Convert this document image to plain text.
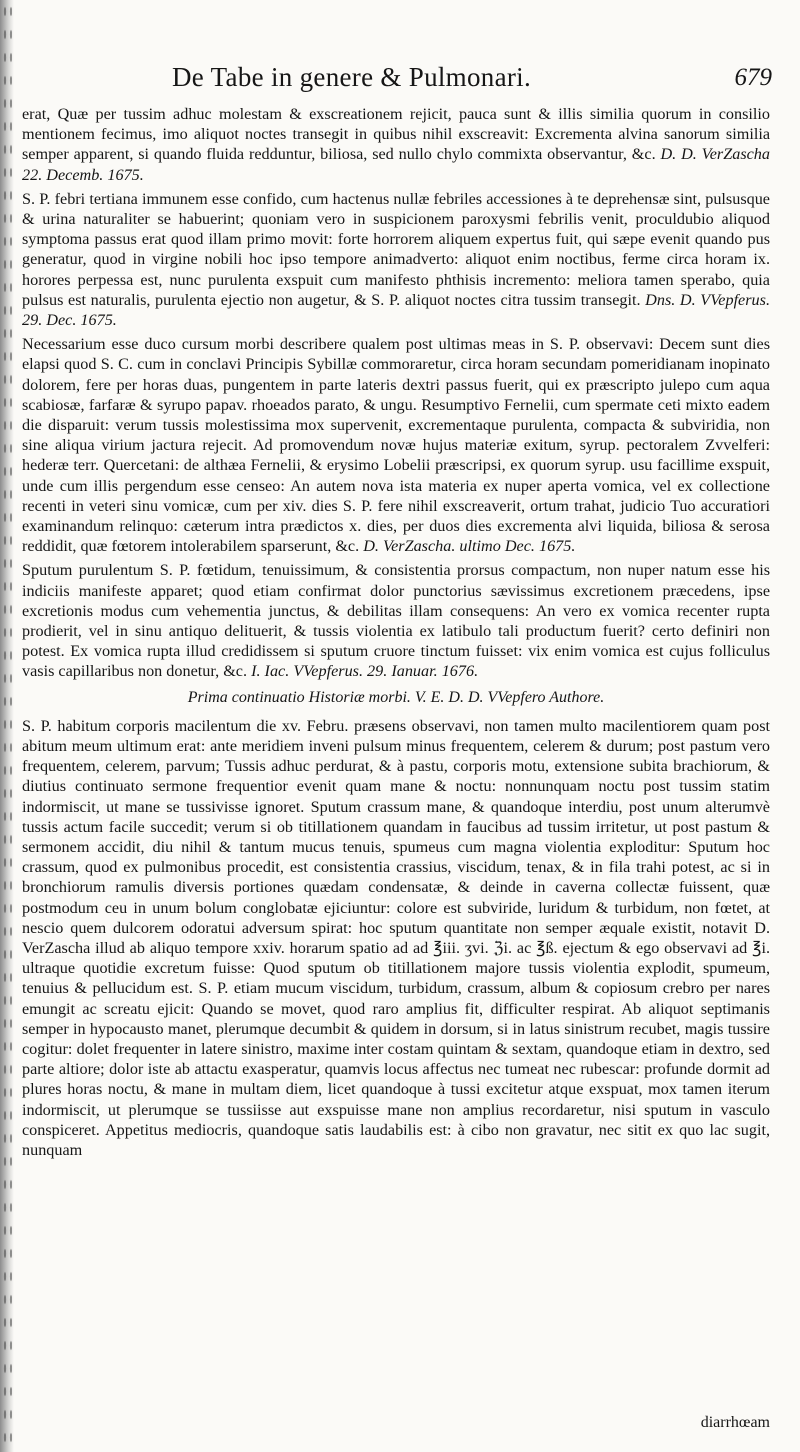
De Tabe in genere & Pulmonari.	679

erat, Quæ per tussim adhuc molestam & exscreationem rejicit, pauca sunt & illis similia quorum in consilio mentionem fecimus, imo aliquot noctes transegit in quibus nihil exscreavit: Excrementa alvina sanorum similia semper apparent, si quando fluida redduntur, biliosa, sed nullo chylo commixta observantur, &c. D. D. VerZascha 22. Decemb. 1675.

S. P. febri tertiana immunem esse confido, cum hactenus nullæ febriles accessiones à te deprehensæ sint, pulsusque & urina naturaliter se habuerint; quoniam vero in suspicionem paroxysmi febrilis venit, proculdubio aliquod symptoma passus erat quod illam primo movit: forte horrorem aliquem expertus fuit, qui sæpe evenit quando pus generatur, quod in virgine nobili hoc ipso tempore animadverto: aliquot enim noctibus, ferme circa horam ix. horores perpessa est, nunc purulenta exspuit cum manifesto phthisis incremento: meliora tamen sperabo, quia pulsus est naturalis, purulenta ejectio non augetur, & S. P. aliquot noctes citra tussim transegit. Dns. D. VVepferus. 29. Dec. 1675.

Necessarium esse duco cursum morbi describere qualem post ultimas meas in S. P. observavi: Decem sunt dies elapsi quod S. C. cum in conclavi Principis Sybillæ commoraretur, circa horam secundam pomeridianam inopinato dolorem, fere per horas duas, pungentem in parte lateris dextri passus fuerit, qui ex præscripto julepo cum aqua scabiosæ, farfaræ & syrupo papav. rhoeados parato, & ungu. Resumptivo Fernelii, cum spermate ceti mixto eadem die disparuit: verum tussis molestissima mox supervenit, excrementaque purulenta, compacta & subviridia, non sine aliqua virium jactura rejecit. Ad promovendum novæ hujus materiæ exitum, syrup. pectoralem Zvvelferi: hederæ terr. Quercetani: de althæa Fernelii, & erysimo Lobelii præscripsi, ex quorum syrup. usu facillime exspuit, unde cum illis pergendum esse censeo: An autem nova ista materia ex nuper aperta vomica, vel ex collectione recenti in veteri sinu vomicæ, cum per xiv. dies S. P. fere nihil exscreaverit, ortum trahat, judicio Tuo accuratiori examinandum relinquo: cæterum intra prædictos x. dies, per duos dies excrementa alvi liquida, biliosa & serosa reddidit, quæ fœtorem intolerabilem sparserunt, &c. D. VerZascha. ultimo Dec. 1675.

Sputum purulentum S. P. fœtidum, tenuissimum, & consistentia prorsus compactum, non nuper natum esse his indiciis manifeste apparet; quod etiam confirmat dolor punctorius sævissimus excretionem præcedens, ipse excretionis modus cum vehementia junctus, & debilitas illam consequens: An vero ex vomica recenter rupta prodierit, vel in sinu antiquo delituerit, & tussis violentia ex latibulo tali productum fuerit? certo definiri non potest. Ex vomica rupta illud credidissem si sputum cruore tinctum fuisset: vix enim vomica est cujus folliculus vasis capillaribus non donetur, &c. I. Iac. VVepferus. 29. Ianuar. 1676.

Prima continuatio Historiæ morbi. V. E. D. D. VVepfero Authore.

S. P. habitum corporis macilentum die xv. Febru. præsens observavi, non tamen multo macilentiorem quam post abitum meum ultimum erat: ante meridiem inveni pulsum minus frequentem, celerem & durum; post pastum vero frequentem, celerem, parvum; Tussis adhuc perdurat, & à pastu, corporis motu, extensione subita brachiorum, & diutius continuato sermone frequentior evenit quam mane & noctu: nonnunquam noctu post tussim statim indormiscit, ut mane se tussivisse ignoret. Sputum crassum mane, & quandoque interdiu, post unum alterumvè tussis actum facile succedit; verum si ob titillationem quandam in faucibus ad tussim irritetur, ut post pastum & sermonem accidit, diu nihil & tantum mucus tenuis, spumeus cum magna violentia exploditur: Sputum hoc crassum, quod ex pulmonibus procedit, est consistentia crassius, viscidum, tenax, & in fila trahi potest, ac si in bronchiorum ramulis diversis portiones quædam condensatæ, & deinde in caverna collectæ fuissent, quæ postmodum ceu in unum bolum conglobatæ ejiciuntur: colore est subviride, luridum & turbidum, non fœtet, at nescio quem dulcorem odoratui adversum spirat: hoc sputum quantitate non semper æquale existit, notavit D. VerZascha illud ab aliquo tempore xxiv. horarum spatio ad ad ℥iii. ʒvi. ℨi. ac ℥ß. ejectum & ego observavi ad ℥i. ultraque quotidie excretum fuisse: Quod sputum ob titillationem majore tussis violentia explodit, spumeum, tenuius & pellucidum est. S. P. etiam mucum viscidum, turbidum, crassum, album & copiosum crebro per nares emungit ac screatu ejicit: Quando se movet, quod raro amplius fit, difficulter respirat. Ab aliquot septimanis semper in hypocausto manet, plerumque decumbit & quidem in dorsum, si in latus sinistrum recubet, magis tussire cogitur: dolet frequenter in latere sinistro, maxime inter costam quintam & sextam, quandoque etiam in dextro, sed parte altiore; dolor iste ab attactu exasperatur, quamvis locus affectus nec tumeat nec rubescar: profunde dormit ad plures horas noctu, & mane in multam diem, licet quandoque à tussi excitetur atque exspuat, mox tamen iterum indormiscit, ut plerumque se tussiisse aut exspuisse mane non amplius recordaretur, nisi sputum in vasculo conspiceret. Appetitus mediocris, quandoque satis laudabilis est: à cibo non gravatur, nec sitit ex quo lac sugit, nunquam

diarrhœam
